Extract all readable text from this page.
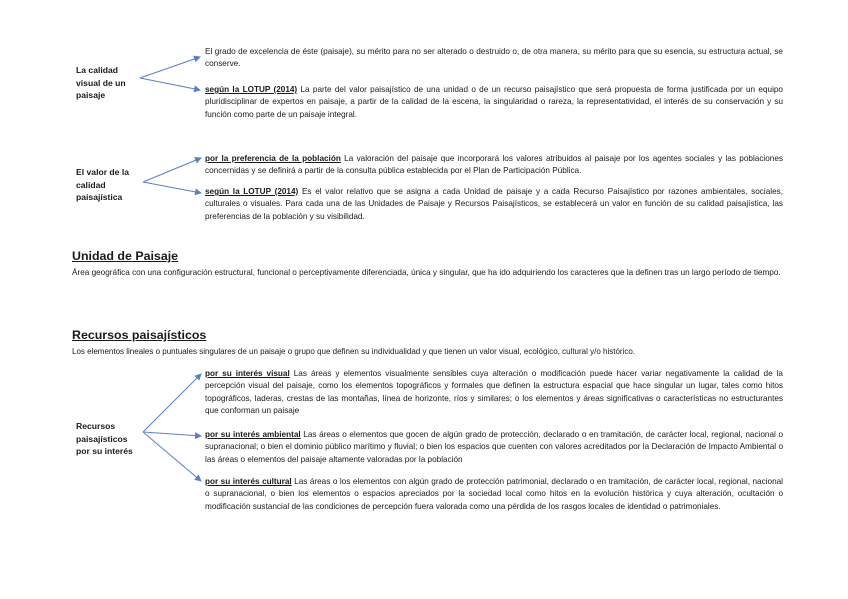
La calidad visual de un paisaje
El grado de excelencia de éste (paisaje), su mérito para no ser alterado o destruido o, de otra manera, su mérito para que su esencia, su estructura actual, se conserve.
según la LOTUP (2014) La parte del valor paisajístico de una unidad o de un recurso paisajístico que será propuesta de forma justificada por un equipo pluridisciplinar de expertos en paisaje, a partir de la calidad de la escena, la singularidad o rareza, la representatividad, el interés de su conservación y su función como parte de un paisaje integral.
El valor de la calidad paisajística
por la preferencia de la población La valoración del paisaje que incorporará los valores atribuidos al paisaje por los agentes sociales y las poblaciones concernidas y se definirá a partir de la consulta pública establecida por el Plan de Participación Pública.
según la LOTUP (2014) Es el valor relativo que se asigna a cada Unidad de paisaje y a cada Recurso Paisajístico por razones ambientales, sociales, culturales o visuales. Para cada una de las Unidades de Paisaje y Recursos Paisajísticos, se establecerá un valor en función de su calidad paisajística, las preferencias de la población y su visibilidad.
Unidad de Paisaje
Área geográfica con una configuración estructural, funcional o perceptivamente diferenciada, única y singular, que ha ido adquiriendo los caracteres que la definen tras un largo período de tiempo.
Recursos paisajísticos
Los elementos lineales o puntuales singulares de un paisaje o grupo que definen su individualidad y que tienen un valor visual, ecológico, cultural y/o histórico.
Recursos paisajísticos por su interés
por su interés visual Las áreas y elementos visualmente sensibles cuya alteración o modificación puede hacer variar negativamente la calidad de la percepción visual del paisaje, como los elementos topográficos y formales que definen la estructura espacial que hace singular un lugar, tales como hitos topográficos, laderas, crestas de las montañas, línea de horizonte, ríos y similares; o los elementos y áreas significativas o características no estructurantes que conforman un paisaje
por su interés ambiental Las áreas o elementos que gocen de algún grado de protección, declarado o en tramitación, de carácter local, regional, nacional o supranacional; o bien el dominio público marítimo y fluvial; o bien los espacios que cuenten con valores acreditados por la Declaración de Impacto Ambiental o las áreas o elementos del paisaje altamente valoradas por la población
por su interés cultural Las áreas o los elementos con algún grado de protección patrimonial, declarado o en tramitación, de carácter local, regional, nacional o supranacional, o bien los elementos o espacios apreciados por la sociedad local como hitos en la evolución histórica y cuya alteración, ocultación o modificación sustancial de las condiciones de percepción fuera valorada como una pérdida de los rasgos locales de identidad o patrimoniales.
